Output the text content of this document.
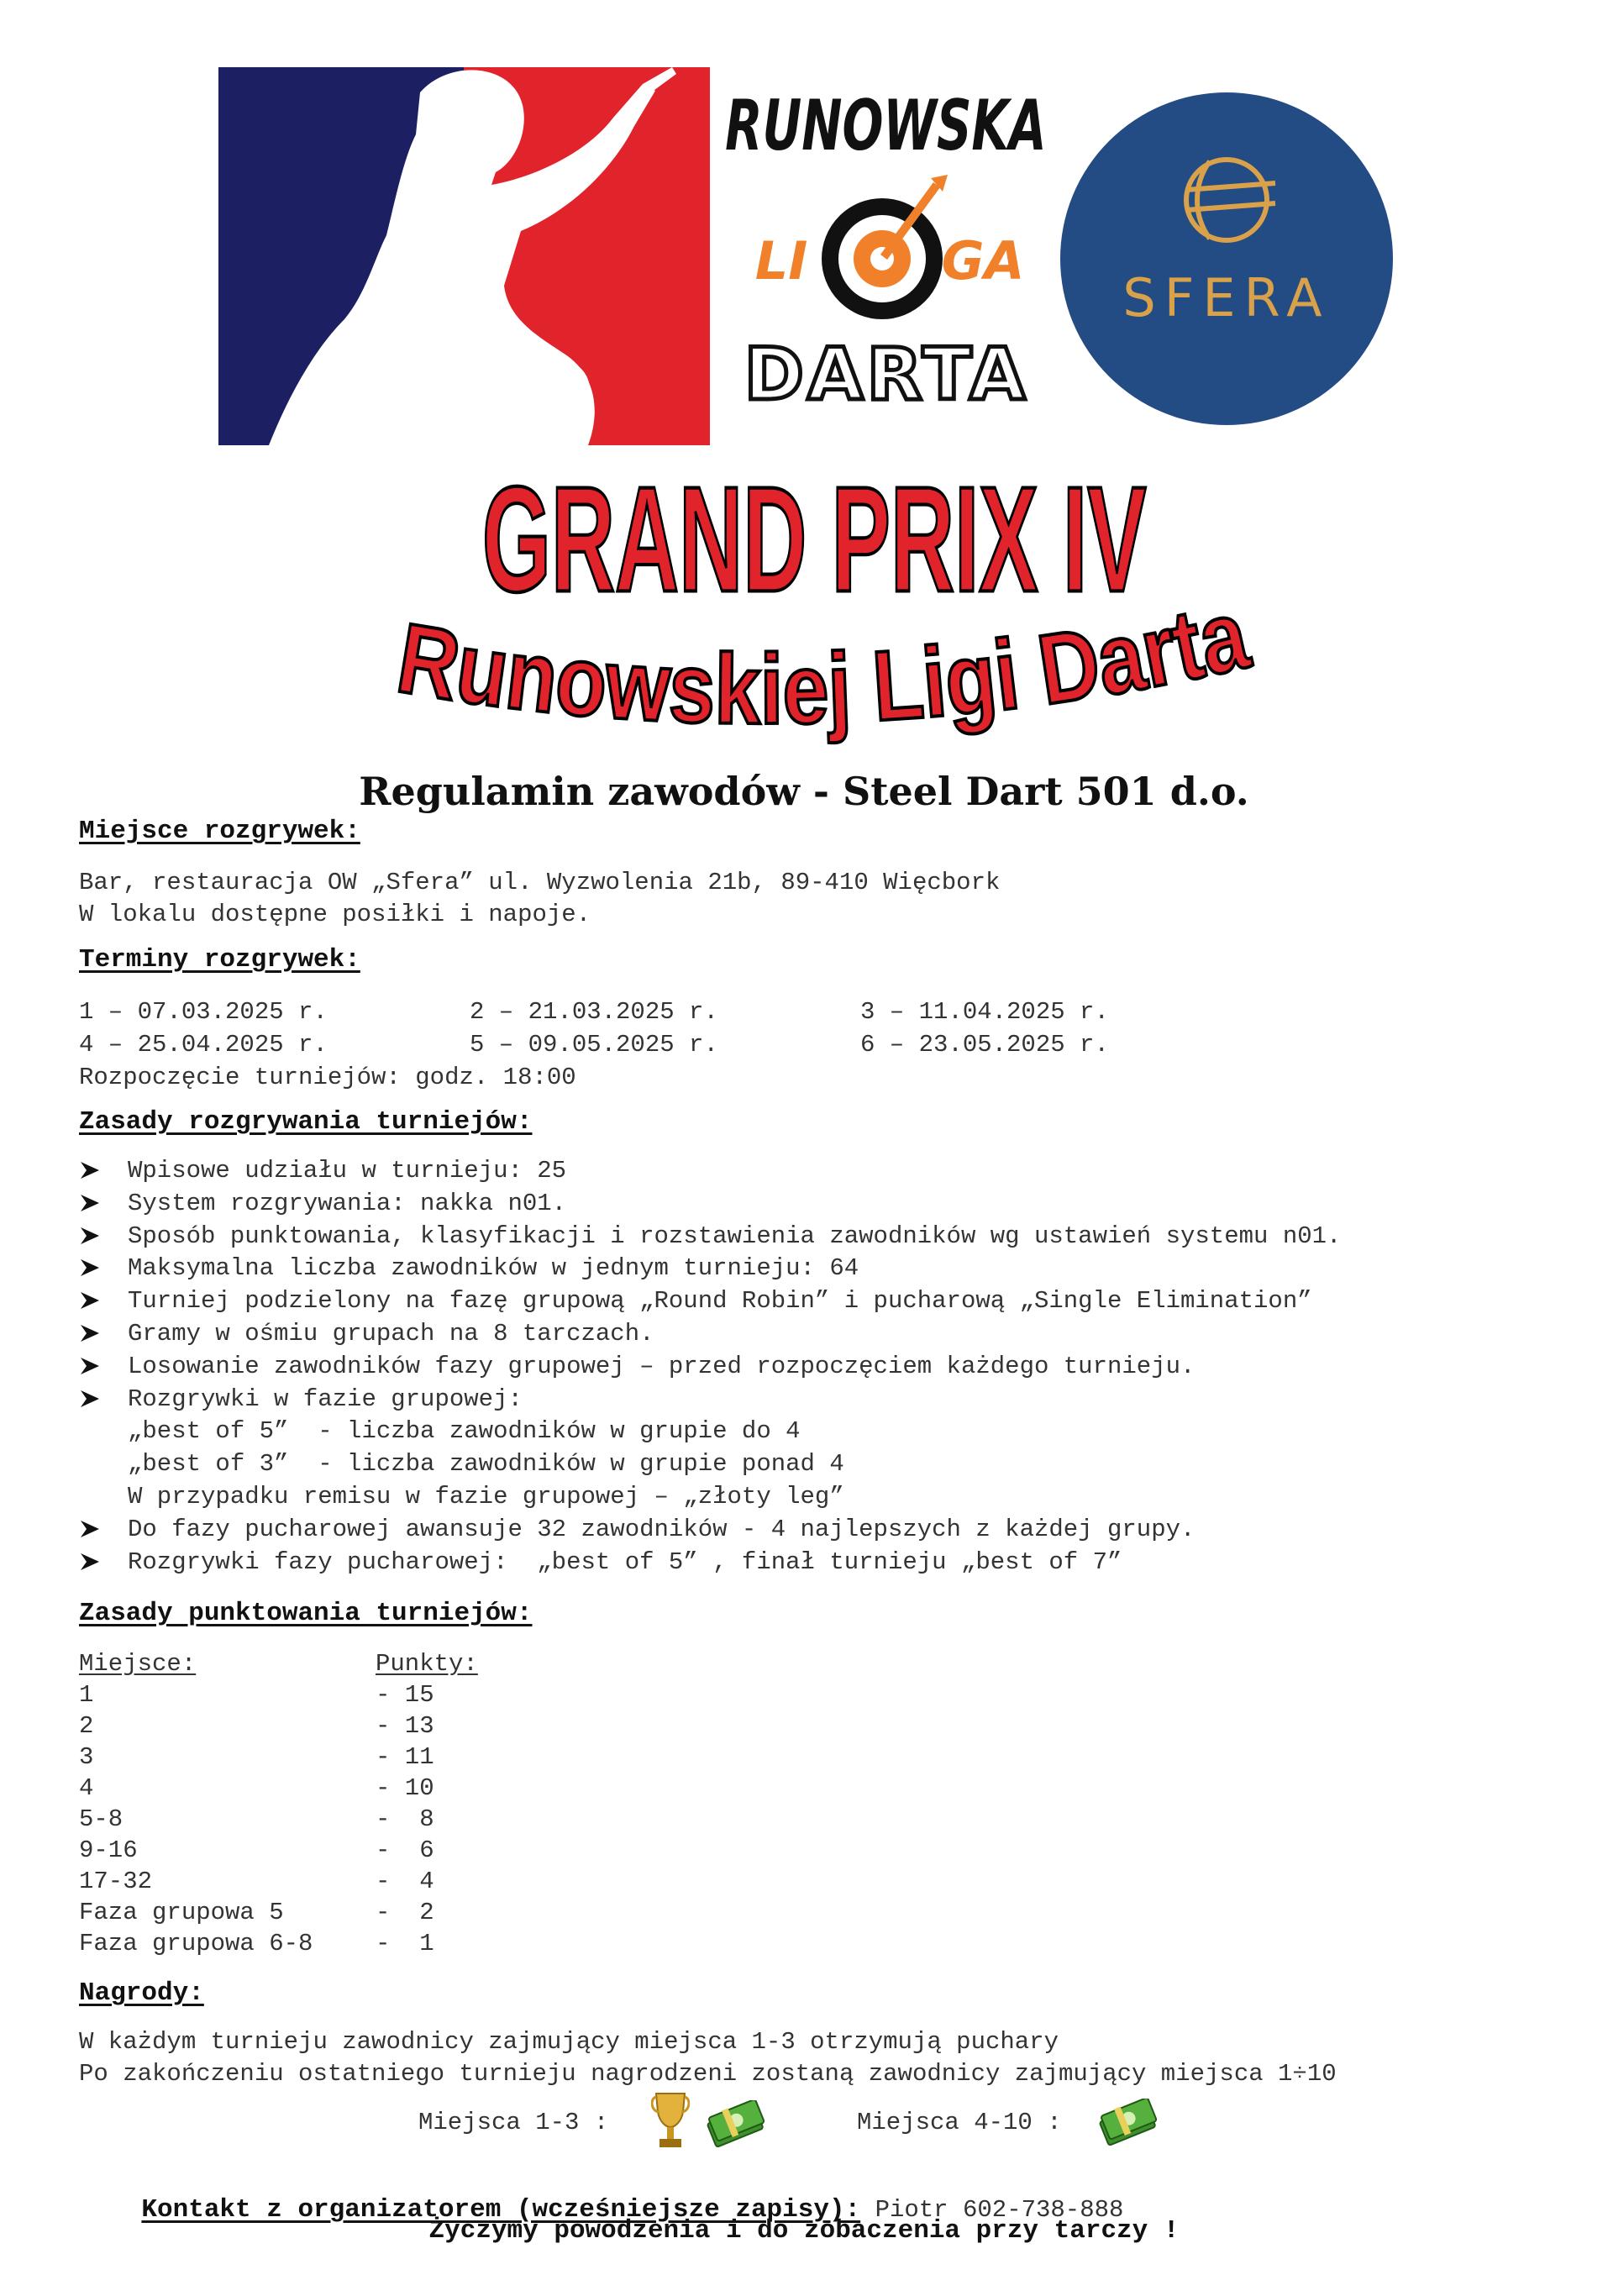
RUNOWSKA
LI	GA
DARTA
SFERA
GRAND PRIX IV
Runowskiej Ligi Darta
Regulamin zawodów - Steel Dart 501 d.o.
Miejsce rozgrywek:
Bar, restauracja OW „Sfera” ul. Wyzwolenia 21b, 89-410 Więcbork
W lokalu dostępne posiłki i napoje.
Terminy rozgrywek:
1 – 07.03.2025 r.	2 – 21.03.2025 r.	3 – 11.04.2025 r.
4 – 25.04.2025 r.	5 – 09.05.2025 r.	6 – 23.05.2025 r.
Rozpoczęcie turniejów: godz. 18:00
Zasady rozgrywania turniejów:
Wpisowe udziału w turnieju: 25
System rozgrywania: nakka n01.
Sposób punktowania, klasyfikacji i rozstawienia zawodników wg ustawień systemu n01.
Maksymalna liczba zawodników w jednym turnieju: 64
Turniej podzielony na fazę grupową „Round Robin” i pucharową „Single Elimination”
Gramy w ośmiu grupach na 8 tarczach.
Losowanie zawodników fazy grupowej – przed rozpoczęciem każdego turnieju.
Rozgrywki w fazie grupowej:
„best of 5”  - liczba zawodników w grupie do 4
„best of 3”  - liczba zawodników w grupie ponad 4
W przypadku remisu w fazie grupowej – „złoty leg”
Do fazy pucharowej awansuje 32 zawodników - 4 najlepszych z każdej grupy.
Rozgrywki fazy pucharowej:  „best of 5” , finał turnieju „best of 7”
Zasady punktowania turniejów:
Miejsce:	Punkty:
1	- 15
2	- 13
3	- 11
4	- 10
5-8	-  8
9-16	-  6
17-32	-  4
Faza grupowa 5	-  2
Faza grupowa 6-8	-  1
Nagrody:
W każdym turnieju zawodnicy zajmujący miejsca 1-3 otrzymują puchary
Po zakończeniu ostatniego turnieju nagrodzeni zostaną zawodnicy zajmujący miejsca 1÷10
Miejsca 1-3 :	Miejsca 4-10 :

Kontakt z organizatorem (wcześniejsze zapisy): Piotr 602-738-888

Życzymy powodzenia i do zobaczenia przy tarczy !
